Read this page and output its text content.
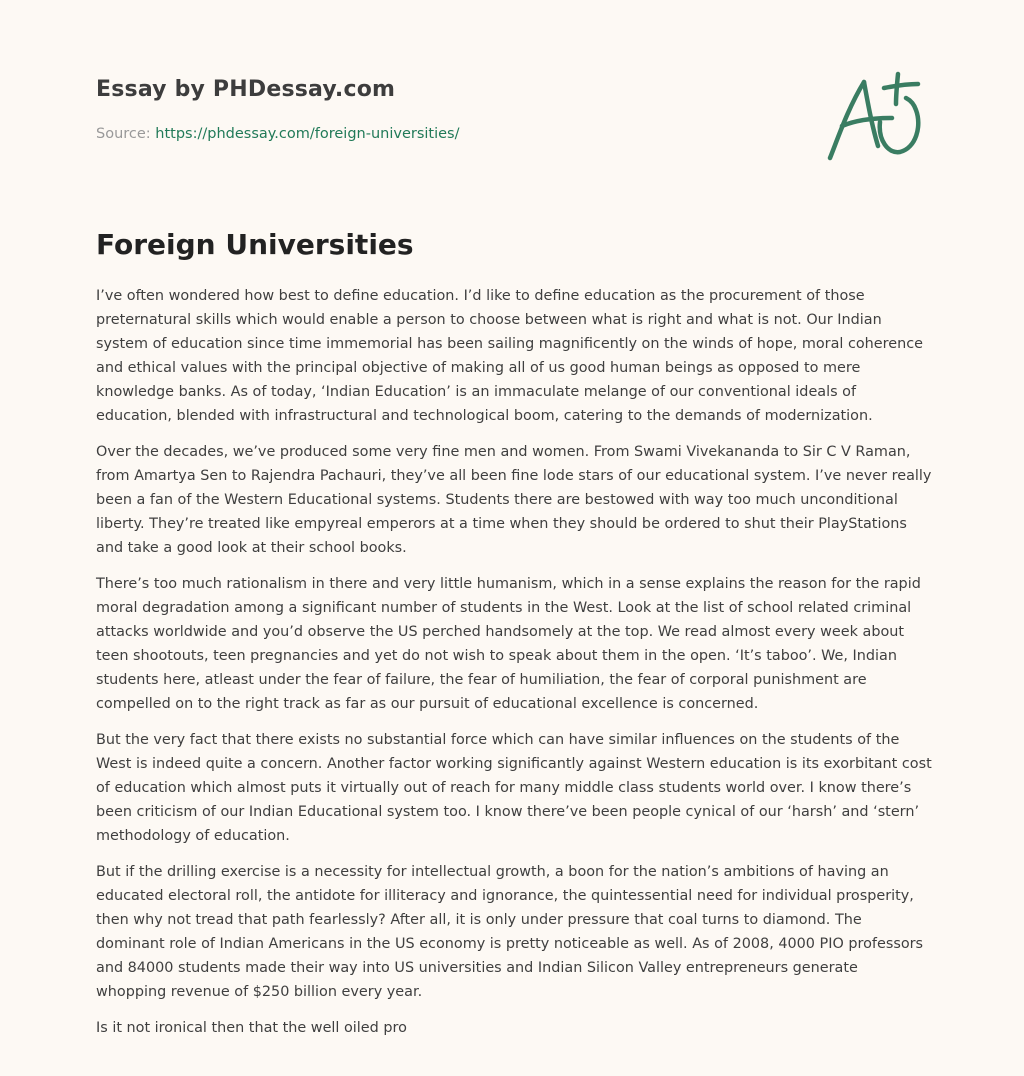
Essay by PHDessay.com
Source: https://phdessay.com/foreign-universities/
Foreign Universities

I’ve often wondered how best to define education. I’d like to define education as the procurement of those preternatural skills which would enable a person to choose between what is right and what is not. Our Indian system of education since time immemorial has been sailing magnificently on the winds of hope, moral coherence and ethical values with the principal objective of making all of us good human beings as opposed to mere knowledge banks. As of today, ‘Indian Education’ is an immaculate melange of our conventional ideals of education, blended with infrastructural and technological boom, catering to the demands of modernization.

Over the decades, we’ve produced some very fine men and women. From Swami Vivekananda to Sir C V Raman, from Amartya Sen to Rajendra Pachauri, they’ve all been fine lode stars of our educational system. I’ve never really been a fan of the Western Educational systems. Students there are bestowed with way too much unconditional liberty. They’re treated like empyreal emperors at a time when they should be ordered to shut their PlayStations and take a good look at their school books.

There’s too much rationalism in there and very little humanism, which in a sense explains the reason for the rapid moral degradation among a significant number of students in the West. Look at the list of school related criminal attacks worldwide and you’d observe the US perched handsomely at the top. We read almost every week about teen shootouts, teen pregnancies and yet do not wish to speak about them in the open. ‘It’s taboo’. We, Indian students here, atleast under the fear of failure, the fear of humiliation, the fear of corporal punishment are compelled on to the right track as far as our pursuit of educational excellence is concerned.

But the very fact that there exists no substantial force which can have similar influences on the students of the West is indeed quite a concern. Another factor working significantly against Western education is its exorbitant cost of education which almost puts it virtually out of reach for many middle class students world over. I know there’s been criticism of our Indian Educational system too. I know there’ve been people cynical of our ‘harsh’ and ‘stern’ methodology of education.

But if the drilling exercise is a necessity for intellectual growth, a boon for the nation’s ambitions of having an educated electoral roll, the antidote for illiteracy and ignorance, the quintessential need for individual prosperity, then why not tread that path fearlessly? After all, it is only under pressure that coal turns to diamond. The dominant role of Indian Americans in the US economy is pretty noticeable as well. As of 2008, 4000 PIO professors and 84000 students made their way into US universities and Indian Silicon Valley entrepreneurs generate whopping revenue of $250 billion every year.

Is it not ironical then that the well oiled pro
